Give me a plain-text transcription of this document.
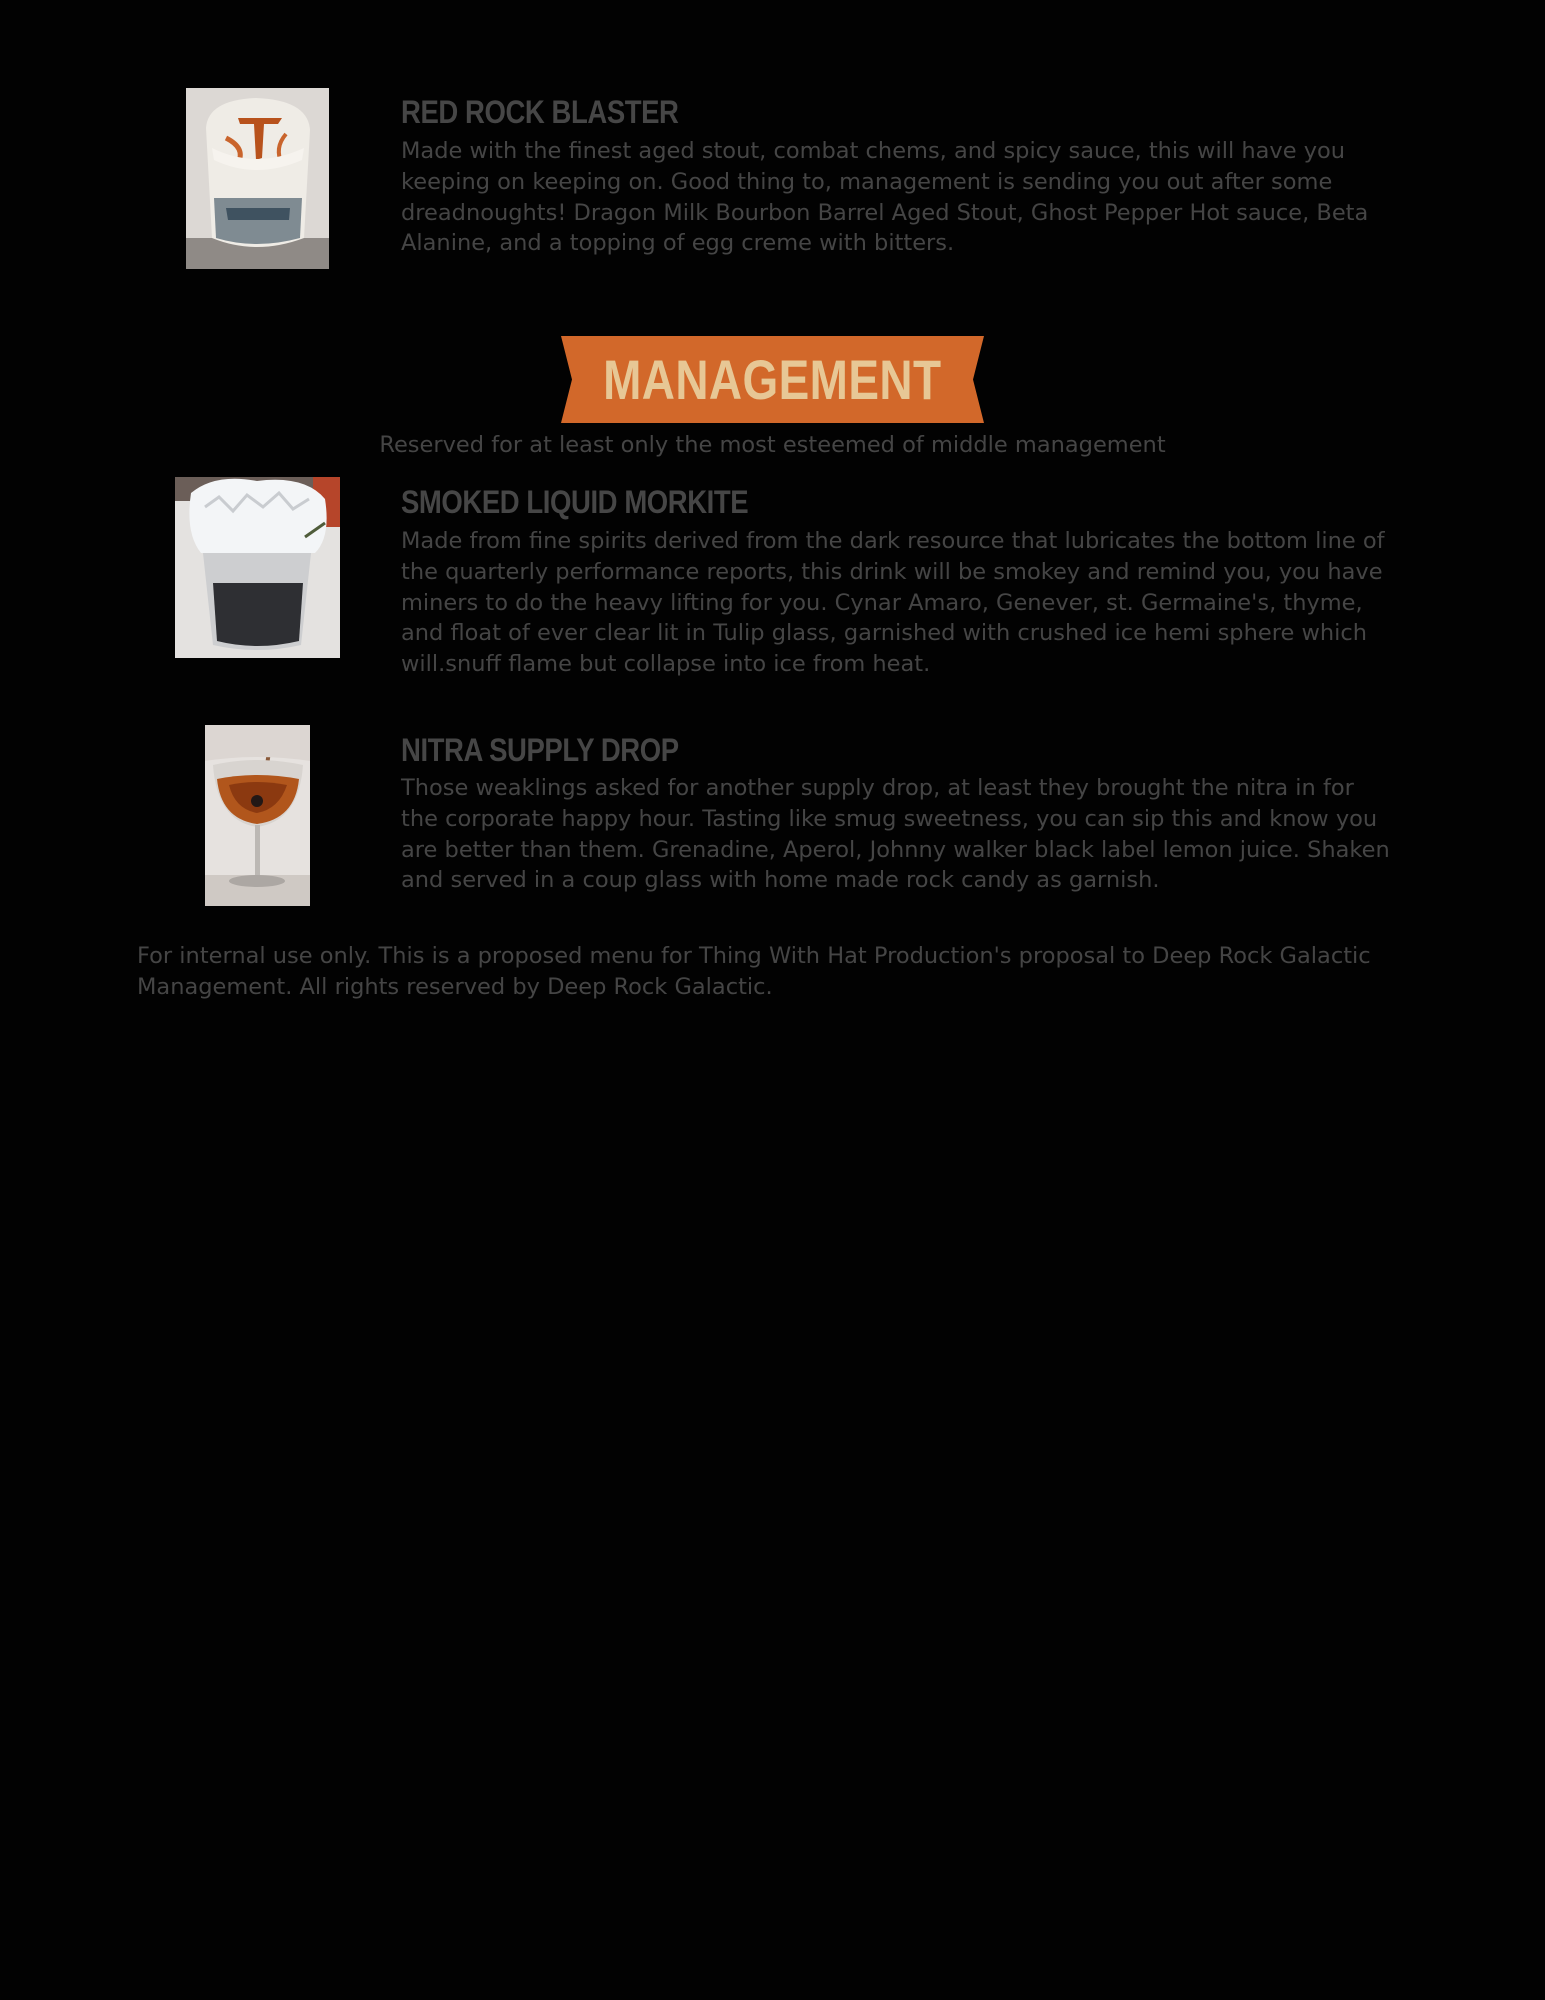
RED ROCK BLASTER

Made with the finest aged stout, combat chems, and spicy sauce, this will have you keeping on keeping on. Good thing to, management is sending you out after some dreadnoughts! Dragon Milk Bourbon Barrel Aged Stout, Ghost Pepper Hot sauce, Beta Alanine, and a topping of egg creme with bitters.

MANAGEMENT

Reserved for at least only the most esteemed of middle management

SMOKED LIQUID MORKITE

Made from fine spirits derived from the dark resource that lubricates the bottom line of the quarterly performance reports, this drink will be smokey and remind you, you have miners to do the heavy lifting for you. Cynar Amaro, Genever, st. Germaine's, thyme, and float of ever clear lit in Tulip glass, garnished with crushed ice hemi sphere which will.snuff flame but collapse into ice from heat.

NITRA SUPPLY DROP

Those weaklings asked for another supply drop, at least they brought the nitra in for the corporate happy hour. Tasting like smug sweetness, you can sip this and know you are better than them. Grenadine, Aperol, Johnny walker black label lemon juice. Shaken and served in a coup glass with home made rock candy as garnish.

For internal use only. This is a proposed menu for Thing With Hat Production's proposal to Deep Rock Galactic Management. All rights reserved by Deep Rock Galactic.
